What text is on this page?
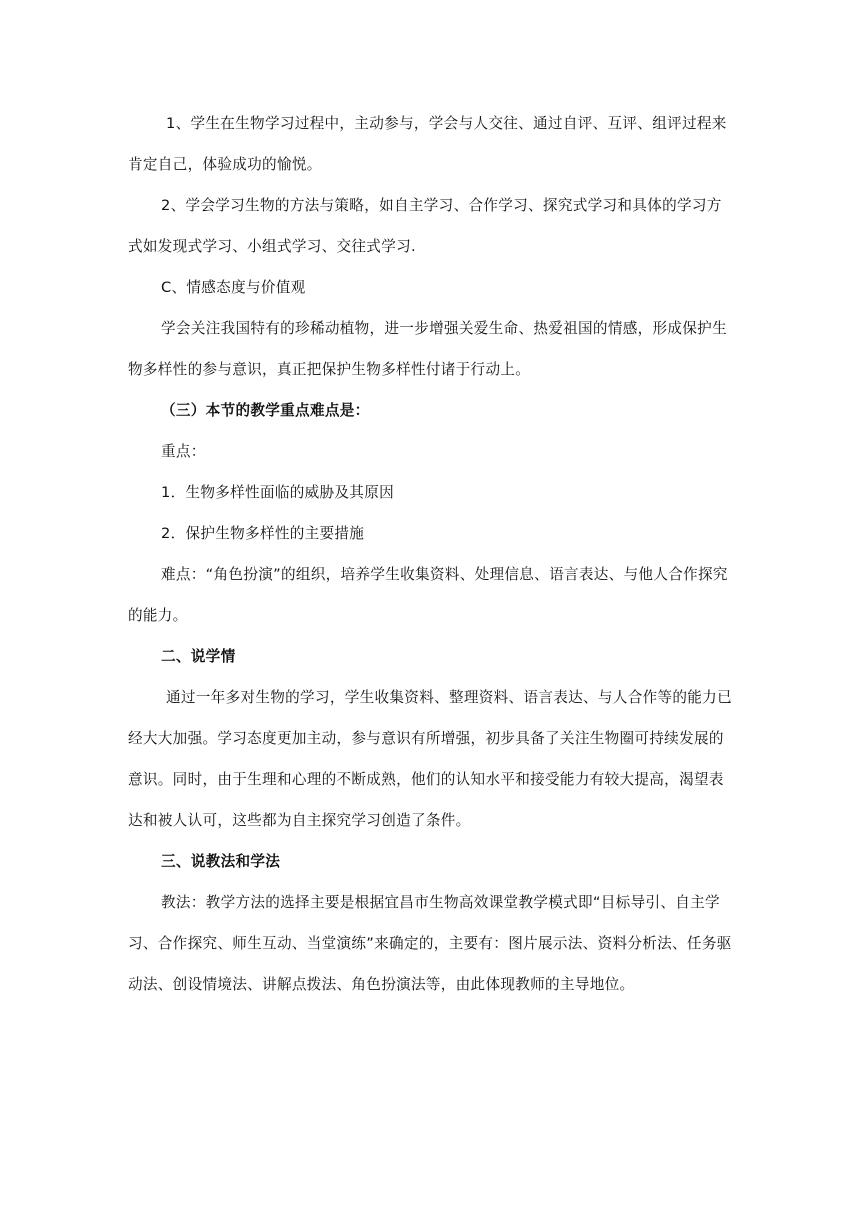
1、学生在生物学习过程中，主动参与，学会与人交往、通过自评、互评、组评过程来肯定自己，体验成功的愉悦。

2、学会学习生物的方法与策略，如自主学习、合作学习、探究式学习和具体的学习方式如发现式学习、小组式学习、交往式学习.

C、情感态度与价值观

学会关注我国特有的珍稀动植物，进一步增强关爱生命、热爱祖国的情感，形成保护生物多样性的参与意识，真正把保护生物多样性付诸于行动上。

（三）本节的教学重点难点是：

重点：

1．生物多样性面临的威胁及其原因

2．保护生物多样性的主要措施

难点：“角色扮演”的组织，培养学生收集资料、处理信息、语言表达、与他人合作探究的能力。

二、说学情

通过一年多对生物的学习，学生收集资料、整理资料、语言表达、与人合作等的能力已经大大加强。学习态度更加主动，参与意识有所增强，初步具备了关注生物圈可持续发展的意识。同时，由于生理和心理的不断成熟，他们的认知水平和接受能力有较大提高，渴望表达和被人认可，这些都为自主探究学习创造了条件。

三、说教法和学法

教法：教学方法的选择主要是根据宜昌市生物高效课堂教学模式即“目标导引、自主学习、合作探究、师生互动、当堂演练”来确定的，主要有：图片展示法、资料分析法、任务驱动法、创设情境法、讲解点拨法、角色扮演法等，由此体现教师的主导地位。
